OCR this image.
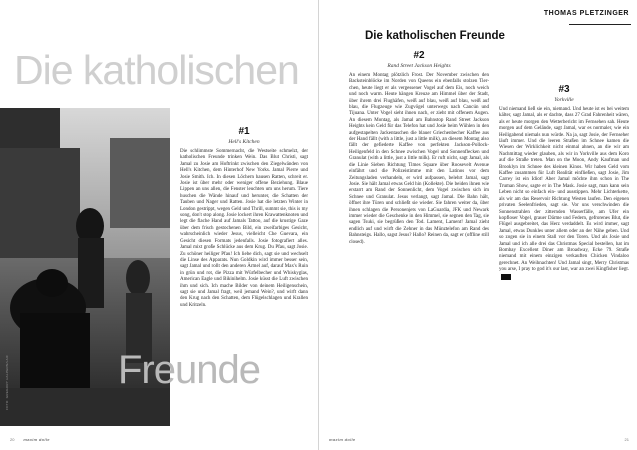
Die katholischen
FOTO: GREGORY HALPERN/LAIF
#1
Hell's Kitchen

Die schlimmste Sommernacht, die Westseite schmelzt, der katholischen Freunde trinken Wein. Das Blut Christi, sagt Jamal zu Josie am Hoftrinkt zwischen den Ziegelwänden von Hell's Kitchen, dem Hinterhof New Yorks. Jamal Pierre und Josie Smith. Ich. In diesen Löchern hausen Ratten, schreit er. Josie ist über mehr oder weniger offene Beziehung. Blaue Lippen an uns allen, die Fenster leuchten um uns herum. Tiere huschen die Wände hinauf und herunter, die Schatten der Tauben und Nager und Ratten. Josie hat die letzten Winter in London gestrippt, wegen Geld und Thrill, summt sie, this is my song, don't stop along. Josie lockert ihren Krawattenknoten und legt die flache Hand auf Jamals Tattoo, auf die krustige Gaze über dem frisch gestochenen Bild, ein zweifarbiges Gesicht, wahrscheinlich wieder Jesus, vielleicht Che Guevara, ein Gesicht diesen Formats jedenfalls. Josie fotografiert alles. Jamal mixt große Schlücke aus dem Krug. Du Pfau, sagt Josie. Zu schöner heiliger Pfau! Ich liebe dich, sagt sie und wechselt die Linse des Apparats. Nun Goldkin wird immer besser sein, sagt Jamal und rollt den anderen Ärmel auf, darauf Max's Ruin in grün und rot, die Pizza mit Würfelbecher und Whiskyglas, American Eagle und Bikinihelm. Josie küsst die Luft zwischen ihm und sich. Ich mache Bilder von deinem Heiligenschein, sagt sie und Jamal fragt, weil jemand Wein?, und wirft dann den Krug nach den Schatten, dem Flügelschlagen und Krallen und Kritzeln.

Freunde
20 maxim dolle
THOMAS PLETZINGER
Die katholischen Freunde
#2
Rand Street Jackson Heights

An einem Montag plötzlich Frost. Der November zwischen den Backsteinblöcke im Norden von Queens ein ebenfalls stolzen Tier-chen, heute liegt er als vergessener Vogel auf dem Eis, noch weich und noch warm. Heute hängen Kreuze am Himmel über der Stadt, über ihrem drei Flughäfen, weiß auf blau, weiß auf blau, weiß auf blau, die Flugzeuge wie Zugvögel unterwegs nach Cancún und Tijuana. Unter Vogel sieht ihnen nach, er zieht mit offenem Augen. An diesem Montag, als Jamal am Bahnstop Rand Street Jackson Heights kein Geld für das Telefon hat und Josie beim Wühlen in den aufgestapelten Jackentaschen die blauer Griechenbecher Kaffee aus der Hand fällt (with a little, just a little milk), an diesem Montag also fällt der gefiederte Kaffee von perfekten Jackson-Pollock-Heiligenfeld in den Schnee zwischen Vogel und Sonnenflecken und Granulat (with a little, just a little milk). Er ruft nicht, sagt Jamal, als die Linie Sieben Richtung Times Square über Roosevelt Avenue einfährt und die Polizeistimme mit den Latinos vor dem Zeitungsladen verhandeln, er wird aufpassen, belehrt Jamal, sagt Josie. Sie hält Jamal etwas Geld hin (Kollekte). Die beiden ihnen wie erstarrt am Rand der Sonnenlicht, dem Vogel zwischen sich im Schnee und Granulat. Jesus verlangt, sagt Jamal. Die Bahn hält, öffnet ihre Türen und schließt sie wieder. Sie fahren weiter da, über ihnen schlagen die Personenjets von LaGuardia, JFK und Newark immer wieder die Geschenke in den Himmel, sie segnen den Tag, sie sagen Tsuki, sie begrüßen den Tod. Lament, Lament! Jamal zieht endlich auf und wirft die Zehner in das Münztelefon am Rand des Bahnsteigs. Hallo, sagst Jesus? Hallo? Reinen da, sagt er (offline still closed).

#3
Yorkville

Und niemand ließ sie ein, niemand. Und heute ist es bei weitem kälter, sagt Jamal, als er dachte, dass 27 Grad Fahrenheit wären, als er heute morgen den Wetterbericht im Fernsehen sah. Heute morgen auf dem Gelände, sagt Jamal, war es normaler, wie ein Heiligabend niemals nun würde. Na ja, sagt Josie, der Fernseher läuft immer. Und die leeren Straßen im Schnee kamen die Wiesen der Wirklichkeit nicht einmal ahnen, an die wir am Nachmittag wieder glauben, als wir in Yorkville aus dem Koro auf die Straße treten. Man on the Moon, Andy Kaufman und Brooklyn im Schnee des kleinen Kinos. Wir haben Geld vom Kaffee zusammen für Luft Realität einfließen, sagt Josie, Jim Carrey ist ein Idiot! Aber Jamal möchte ihm schon in The Truman Show, sagte er in The Mask. Josie sagt, man kann sein Leben nicht so einfach ein- und ausstippen. Mehr Lichterkette, als wir am das Reservoir Richtung Westen laufen. Den eigenen privaten Seelenfrieden, sagt sie. Vor uns verschwinden die Sonnenstrahlen der zitternden Wasserfälle, am Ufer ein kopfloser Vogel, grauer Därme und Federn, gefrorenes Blut, die Flügel ausgebreitet, das Herz verdaddelt. Es wird immer, sagt Jamal, etwas Dunkles unter allem oder an der Nähe geben. Und so zogen sie in einem Stall vor den Toren. Und als Josie und Jamal und ich alle drei das Christmas Special bestellen, hat im Bombay Excellent Diner am Broadway, Ecke 79. Straße niemand mit einem einzigen verkauften Chicken Vindaloo gerechnet. An Weihnachten! Und Jamal singt, Merry Christmas you arse, I pray to god it's our last, war an zwei Kingfisher liegt.

maxim dolle	21
